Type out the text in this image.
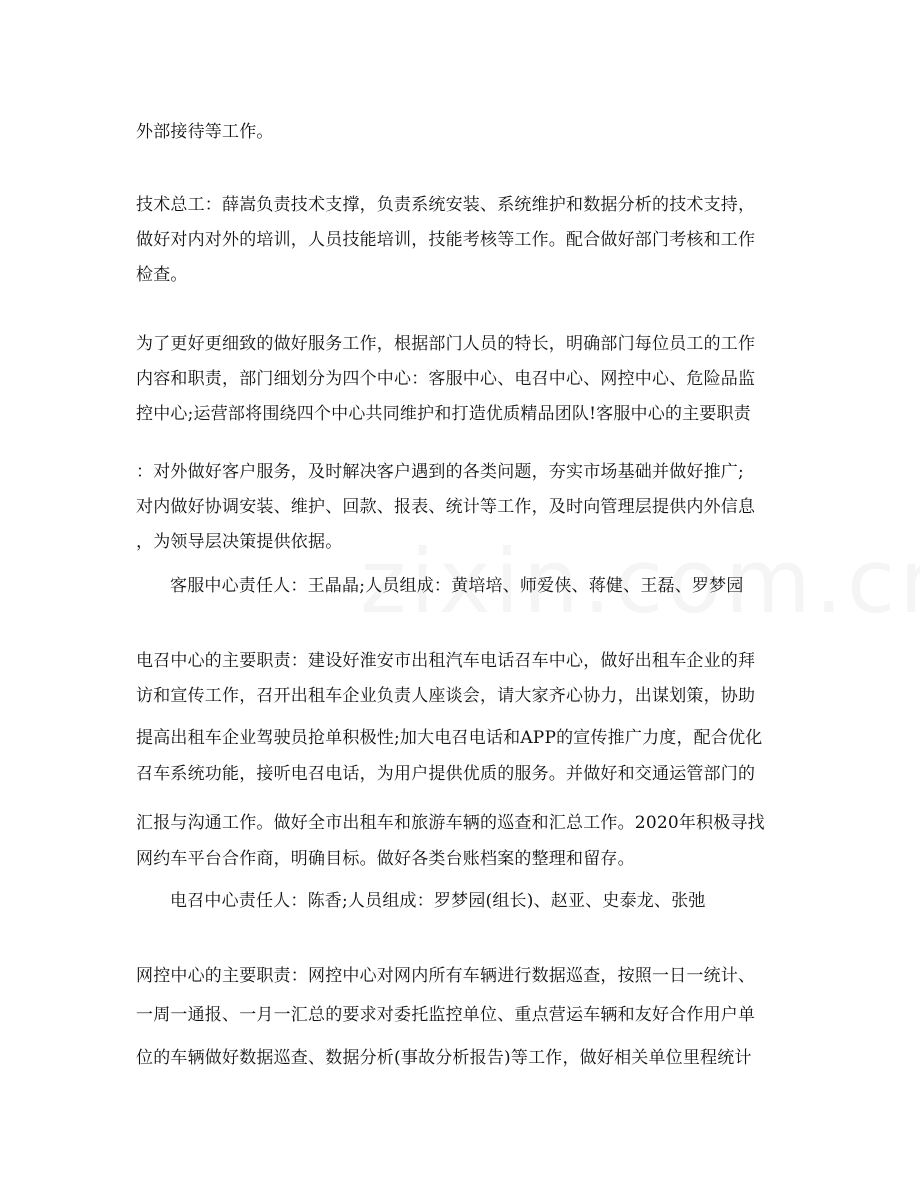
外部接待等工作。
技术总工：薛嵩负责技术支撑，负责系统安装、系统维护和数据分析的技术支持，
做好对内对外的培训，人员技能培训，技能考核等工作。配合做好部门考核和工作
检查。
为了更好更细致的做好服务工作，根据部门人员的特长，明确部门每位员工的工作
内容和职责，部门细划分为四个中心：客服中心、电召中心、网控中心、危险品监
控中心;运营部将围绕四个中心共同维护和打造优质精品团队!客服中心的主要职责
：对外做好客户服务，及时解决客户遇到的各类问题，夯实市场基础并做好推广;
对内做好协调安装、维护、回款、报表、统计等工作，及时向管理层提供内外信息
，为领导层决策提供依据。
客服中心责任人：王晶晶;人员组成：黄培培、师爱侠、蒋健、王磊、罗梦园
电召中心的主要职责：建设好淮安市出租汽车电话召车中心，做好出租车企业的拜
访和宣传工作，召开出租车企业负责人座谈会，请大家齐心协力，出谋划策，协助
提高出租车企业驾驶员抢单积极性;加大电召电话和APP的宣传推广力度，配合优化
召车系统功能，接听电召电话，为用户提供优质的服务。并做好和交通运管部门的
汇报与沟通工作。做好全市出租车和旅游车辆的巡查和汇总工作。2020年积极寻找
网约车平台合作商，明确目标。做好各类台账档案的整理和留存。
电召中心责任人：陈香;人员组成：罗梦园(组长)、赵亚、史泰龙、张弛
网控中心的主要职责：网控中心对网内所有车辆进行数据巡查，按照一日一统计、
一周一通报、一月一汇总的要求对委托监控单位、重点营运车辆和友好合作用户单
位的车辆做好数据巡查、数据分析(事故分析报告)等工作，做好相关单位里程统计
